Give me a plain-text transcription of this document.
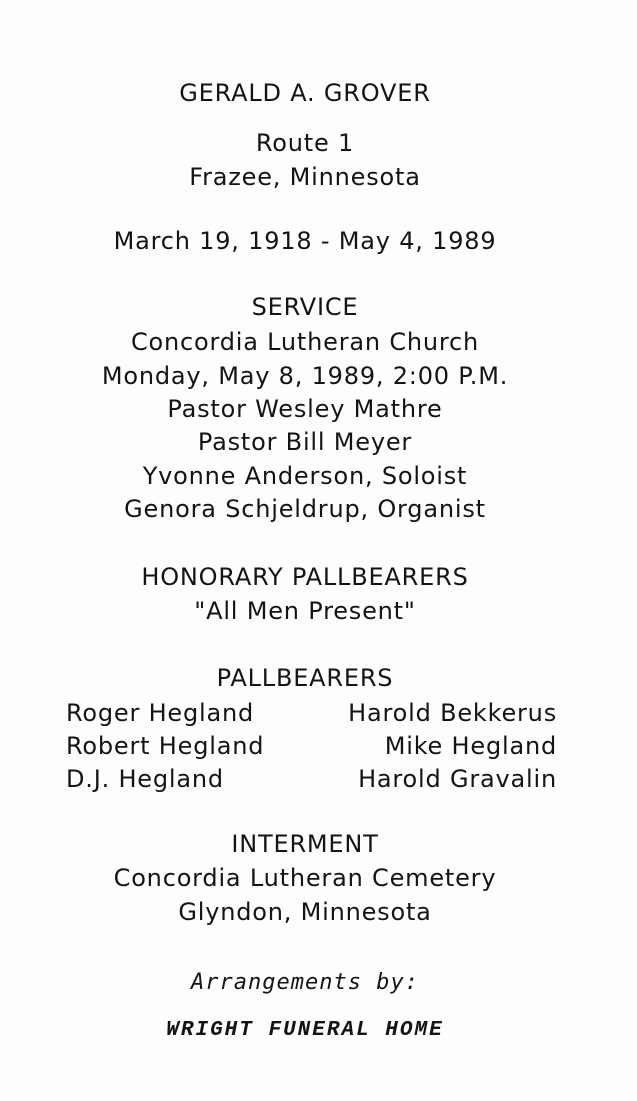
GERALD A. GROVER
Route 1
Frazee, Minnesota
March 19, 1918 - May 4, 1989
SERVICE
Concordia Lutheran Church
Monday, May 8, 1989, 2:00 P.M.
Pastor Wesley Mathre
Pastor Bill Meyer
Yvonne Anderson, Soloist
Genora Schjeldrup, Organist
HONORARY PALLBEARERS
"All Men Present"
PALLBEARERS
Roger Hegland	Harold Bekkerus
Robert Hegland	Mike Hegland
D.J. Hegland	Harold Gravalin
INTERMENT
Concordia Lutheran Cemetery
Glyndon, Minnesota
Arrangements by:
WRIGHT FUNERAL HOME
